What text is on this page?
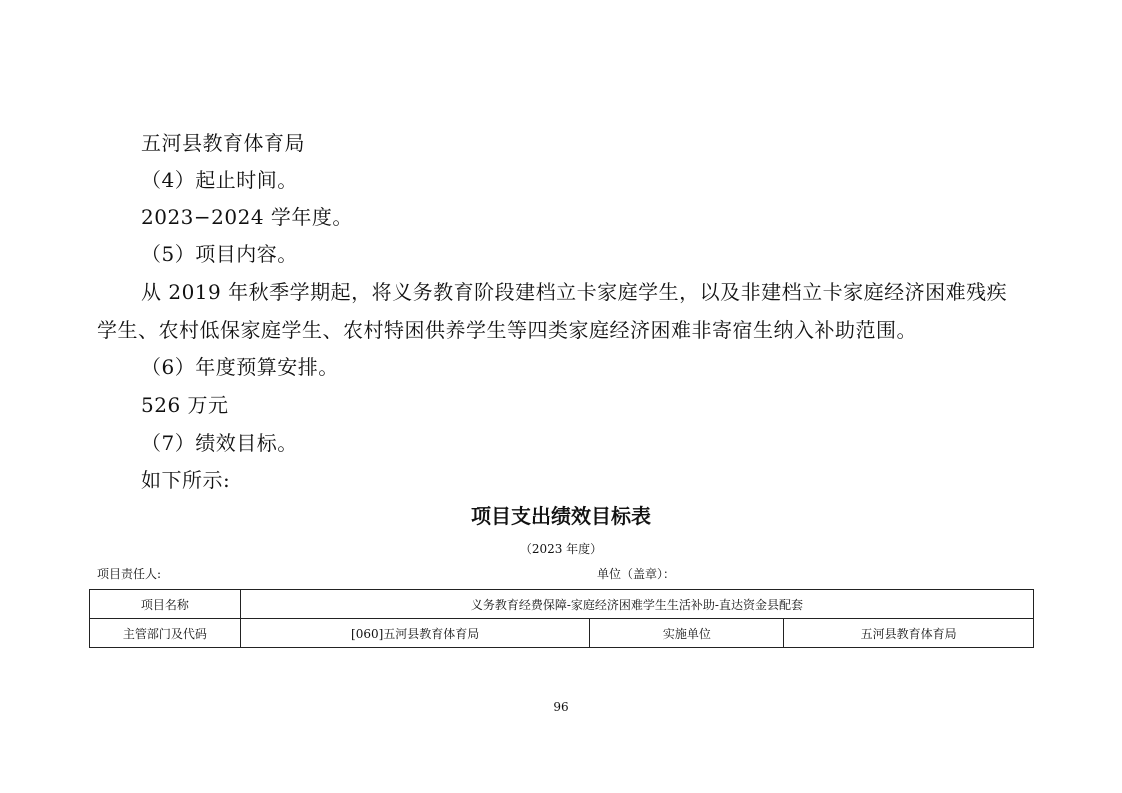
五河县教育体育局
（4）起止时间。
2023−2024 学年度。
（5）项目内容。
从 2019 年秋季学期起，将义务教育阶段建档立卡家庭学生，以及非建档立卡家庭经济困难残疾
学生、农村低保家庭学生、农村特困供养学生等四类家庭经济困难非寄宿生纳入补助范围。
（6）年度预算安排。
526 万元
（7）绩效目标。
如下所示:
项目支出绩效目标表
（2023 年度）
项目责任人:	单位（盖章）：
项目名称	义务教育经费保障-家庭经济困难学生生活补助-直达资金县配套		
主管部门及代码	[060]五河县教育体育局	实施单位	五河县教育体育局
96
